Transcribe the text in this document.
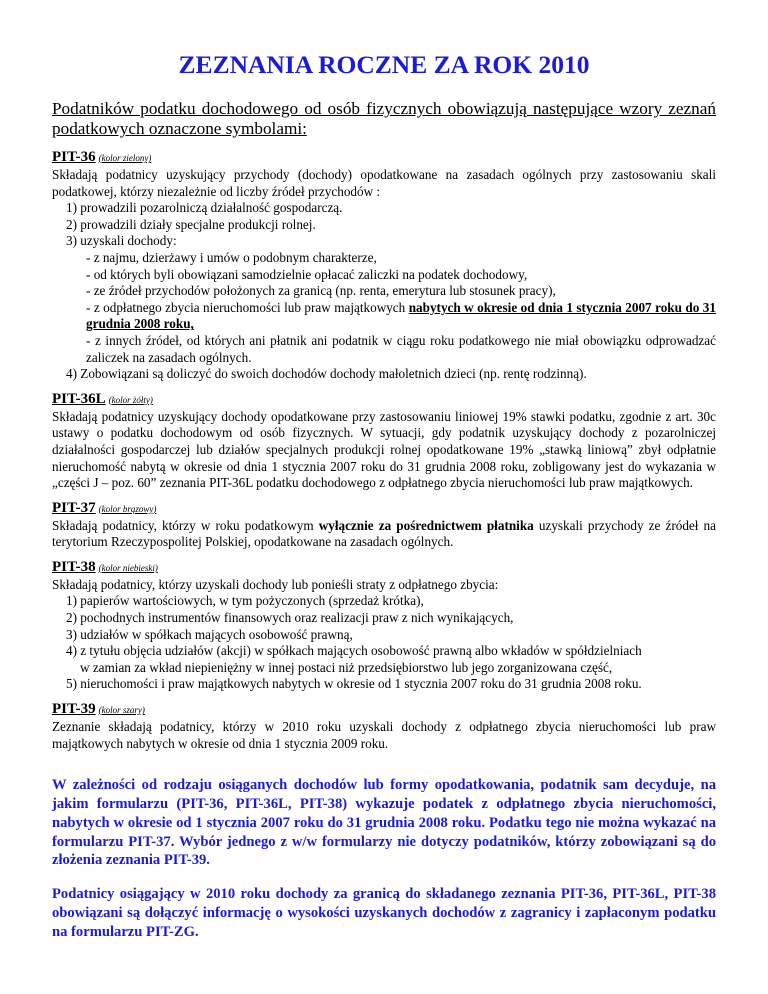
ZEZNANIA ROCZNE ZA ROK 2010

Podatników podatku dochodowego od osób fizycznych obowiązują następujące wzory zeznań podatkowych oznaczone symbolami:

PIT-36 (kolor zielony)

Składają podatnicy uzyskujący przychody (dochody) opodatkowane na zasadach ogólnych przy zastosowaniu skali podatkowej, którzy niezależnie od liczby źródeł przychodów :

1) prowadzili pozarolniczą działalność gospodarczą.
2) prowadzili działy specjalne produkcji rolnej.
3) uzyskali dochody:
- z najmu, dzierżawy i umów o podobnym charakterze,
- od których byli obowiązani samodzielnie opłacać zaliczki na podatek dochodowy,
- ze źródeł przychodów położonych za granicą (np. renta, emerytura lub stosunek pracy),
- z odpłatnego zbycia nieruchomości lub praw majątkowych nabytych w okresie od dnia 1 stycznia 2007 roku do 31 grudnia 2008 roku,
- z innych źródeł, od których ani płatnik ani podatnik w ciągu roku podatkowego nie miał obowiązku odprowadzać zaliczek na zasadach ogólnych.
4) Zobowiązani są doliczyć do swoich dochodów dochody małoletnich dzieci (np. rentę rodzinną).

PIT-36L (kolor żółty)

Składają podatnicy uzyskujący dochody opodatkowane przy zastosowaniu liniowej 19% stawki podatku, zgodnie z art. 30c ustawy o podatku dochodowym od osób fizycznych. W sytuacji, gdy podatnik uzyskujący dochody z pozarolniczej działalności gospodarczej lub działów specjalnych produkcji rolnej opodatkowane 19% „stawką liniową” zbył odpłatnie nieruchomość nabytą w okresie od dnia 1 stycznia 2007 roku do 31 grudnia 2008 roku, zobligowany jest do wykazania w „części J – poz. 60” zeznania PIT-36L podatku dochodowego z odpłatnego zbycia nieruchomości lub praw majątkowych.

PIT-37 (kolor brązowy)

Składają podatnicy, którzy w roku podatkowym wyłącznie za pośrednictwem płatnika uzyskali przychody ze źródeł na terytorium Rzeczypospolitej Polskiej, opodatkowane na zasadach ogólnych.

PIT-38 (kolor niebieski)

Składają podatnicy, którzy uzyskali dochody lub ponieśli straty z odpłatnego zbycia:

1) papierów wartościowych, w tym pożyczonych (sprzedaż krótka),
2) pochodnych instrumentów finansowych oraz realizacji praw z nich wynikających,
3) udziałów w spółkach mających osobowość prawną,
4) z tytułu objęcia udziałów (akcji) w spółkach mających osobowość prawną albo wkładów w spółdzielniach
w zamian za wkład niepieniężny w innej postaci niż przedsiębiorstwo lub jego zorganizowana część,
5) nieruchomości i praw majątkowych nabytych w okresie od 1 stycznia 2007 roku do 31 grudnia 2008 roku.

PIT-39 (kolor szary)

Zeznanie składają podatnicy, którzy w 2010 roku uzyskali dochody z odpłatnego zbycia nieruchomości lub praw majątkowych nabytych w okresie od dnia 1 stycznia 2009 roku.

W zależności od rodzaju osiąganych dochodów lub formy opodatkowania, podatnik sam decyduje, na jakim formularzu (PIT-36, PIT-36L, PIT-38) wykazuje podatek z odpłatnego zbycia nieruchomości, nabytych w okresie od 1 stycznia 2007 roku do 31 grudnia 2008 roku. Podatku tego nie można wykazać na formularzu PIT-37. Wybór jednego z w/w formularzy nie dotyczy podatników, którzy zobowiązani są do złożenia zeznania PIT-39.

Podatnicy osiągający w 2010 roku dochody za granicą do składanego zeznania PIT-36, PIT-36L, PIT-38 obowiązani są dołączyć informację o wysokości uzyskanych dochodów z zagranicy i zapłaconym podatku na formularzu PIT-ZG.
